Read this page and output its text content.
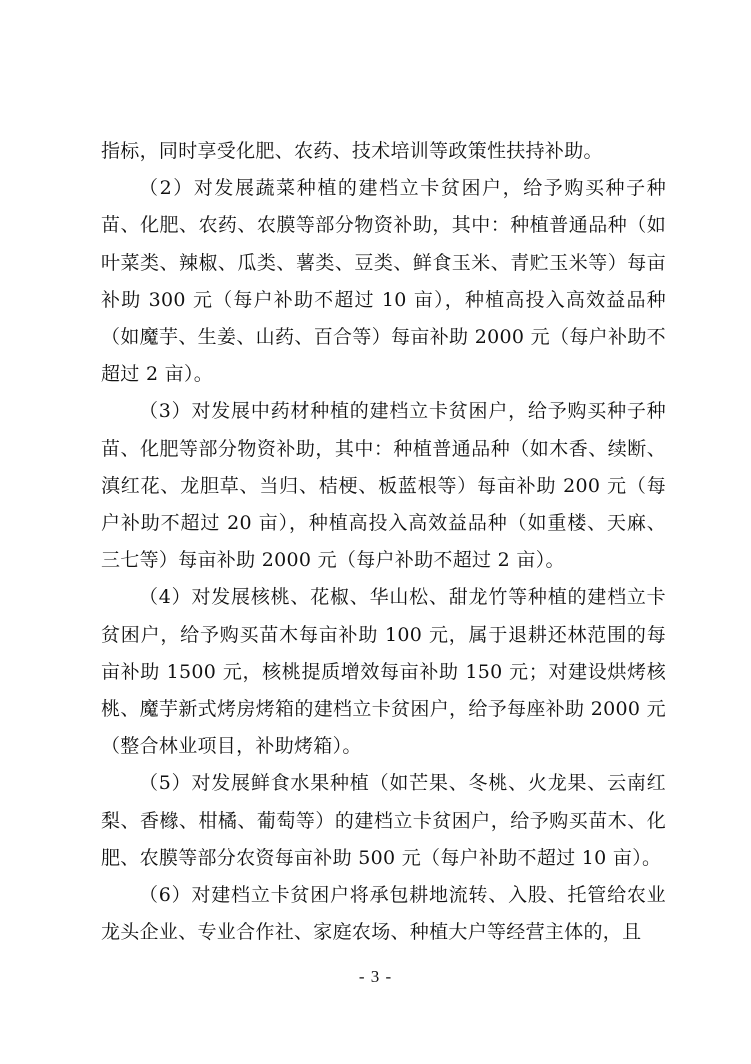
指标，同时享受化肥、农药、技术培训等政策性扶持补助。

（2）对发展蔬菜种植的建档立卡贫困户，给予购买种子种苗、化肥、农药、农膜等部分物资补助，其中：种植普通品种（如叶菜类、辣椒、瓜类、薯类、豆类、鲜食玉米、青贮玉米等）每亩补助 300 元（每户补助不超过 10 亩），种植高投入高效益品种（如魔芋、生姜、山药、百合等）每亩补助 2000 元（每户补助不超过 2 亩）。

（3）对发展中药材种植的建档立卡贫困户，给予购买种子种苗、化肥等部分物资补助，其中：种植普通品种（如木香、续断、滇红花、龙胆草、当归、桔梗、板蓝根等）每亩补助 200 元（每户补助不超过 20 亩），种植高投入高效益品种（如重楼、天麻、三七等）每亩补助 2000 元（每户补助不超过 2 亩）。

（4）对发展核桃、花椒、华山松、甜龙竹等种植的建档立卡贫困户，给予购买苗木每亩补助 100 元，属于退耕还林范围的每亩补助 1500 元，核桃提质增效每亩补助 150 元；对建设烘烤核桃、魔芋新式烤房烤箱的建档立卡贫困户，给予每座补助 2000 元（整合林业项目，补助烤箱）。

（5）对发展鲜食水果种植（如芒果、冬桃、火龙果、云南红梨、香橼、柑橘、葡萄等）的建档立卡贫困户，给予购买苗木、化肥、农膜等部分农资每亩补助 500 元（每户补助不超过 10 亩）。

（6）对建档立卡贫困户将承包耕地流转、入股、托管给农业龙头企业、专业合作社、家庭农场、种植大户等经营主体的，且

- 3 -
